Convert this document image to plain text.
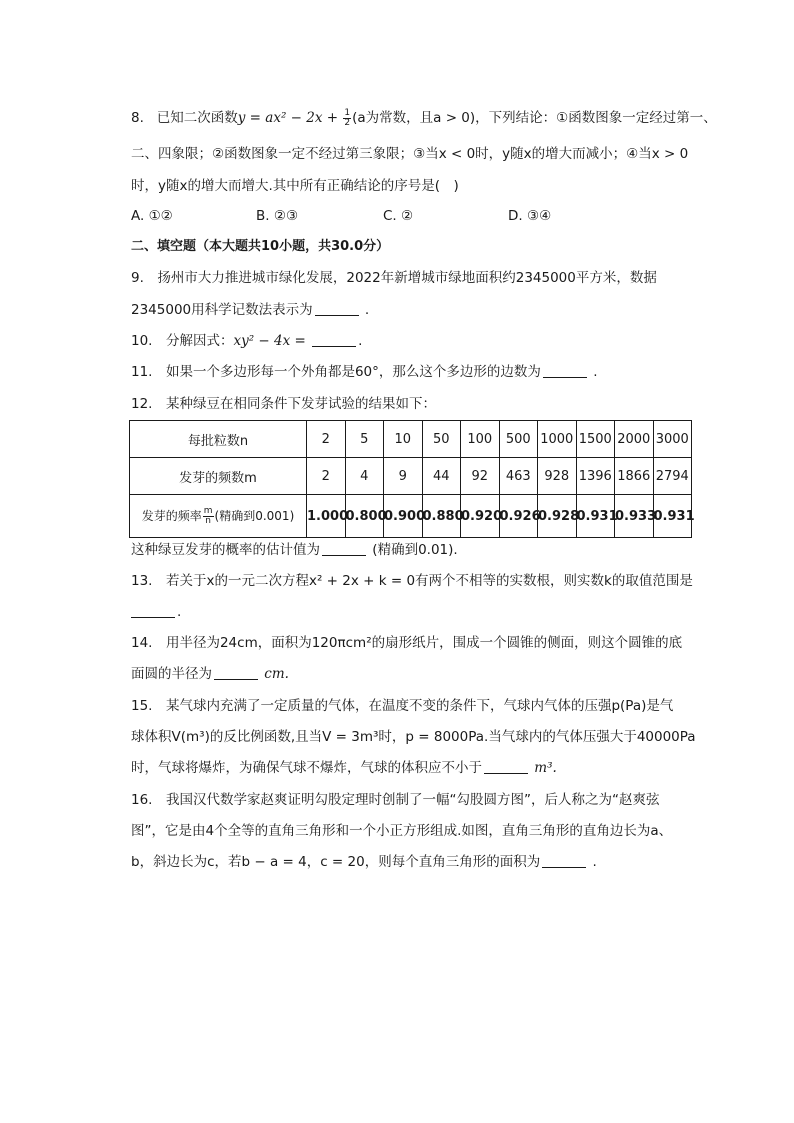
8. 已知二次函数$y = ax^2 - 2x + \frac{1}{2} (a$为常数，且a > 0)，下列结论：①函数图象一定经过第一、
二、四象限；②函数图象一定不经过第三象限；③当x < 0时，y随x的增大而减小；④当x > 0
时，y随x的增大而增大.其中所有正确结论的序号是(　)
A. ①②	B. ②③	C. ②	D. ③④
二、填空题（本大题共10小题，共30.0分）
9.　扬州市大力推进城市绿化发展，2022年新增城市绿地面积约2345000平方米，数据
2345000用科学记数法表示为	.
10.　分解因式：xy² − 4x =	.
11.　如果一个多边形每一个外角都是60°，那么这个多边形的边数为	.
12.　某种绿豆在相同条件下发芽试验的结果如下：
每批粒数n	2	5	10	50	100	500	1000	1500	2000	3000
发芽的频数m	2	4	9	44	92	463	928	1396	1866	2794
发芽的频率 $\frac{m}{n}$ (精确到0.001)	1.000	0.800	0.900	0.880	0.920	0.926	0.928	0.931	0.933	0.931
这种绿豆发芽的概率的估计值为	(精确到0.01).
13.　若关于x的一元二次方程x² + 2x + k = 0有两个不相等的实数根，则实数k的取值范围是
.
14.　用半径为24cm，面积为120πcm²的扇形纸片，围成一个圆锥的侧面，则这个圆锥的底
面圆的半径为	cm.
15.　某气球内充满了一定质量的气体，在温度不变的条件下，气球内气体的压强p(Pa)是气
球体积V(m³)的反比例函数,且当V = 3m³时，p = 8000Pa.当气球内的气体压强大于40000Pa
时，气球将爆炸，为确保气球不爆炸，气球的体积应不小于	m³.
16.　我国汉代数学家赵爽证明勾股定理时创制了一幅“勾股圆方图”，后人称之为“赵爽弦
图”，它是由4个全等的直角三角形和一个小正方形组成.如图，直角三角形的直角边长为a、
b，斜边长为c，若b − a = 4，c = 20，则每个直角三角形的面积为	.
